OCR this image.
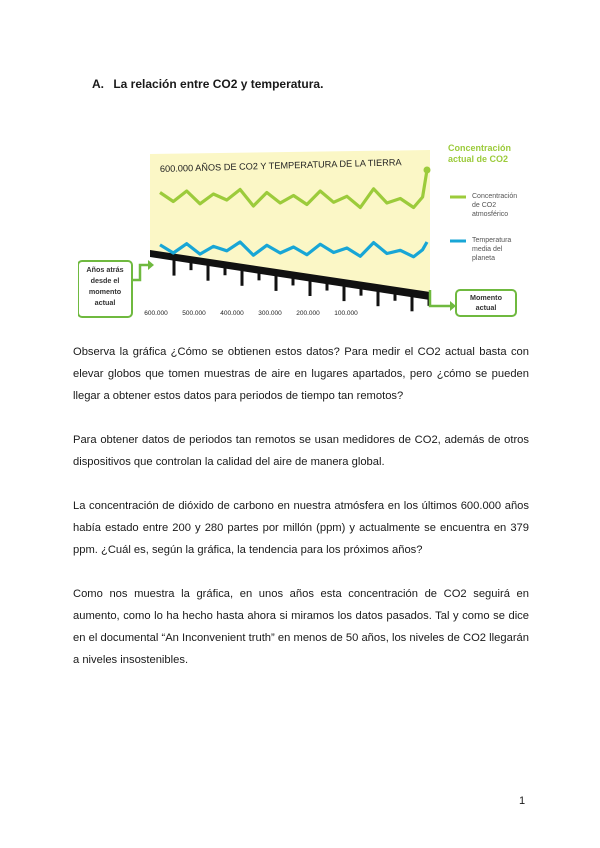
A. La relación entre CO2 y temperatura.
600.000 AÑOS DE CO2 Y TEMPERATURA DE LA TIERRA
Concentración actual de CO2
Concentración de CO2 atmosférico
Temperatura media del planeta
Años atrás desde el momento actual
600.000 500.000 400.000 300.000 200.000 100.000
Momento actual

Observa la gráfica ¿Cómo se obtienen estos datos? Para medir el CO2 actual basta con elevar globos que tomen muestras de aire en lugares apartados, pero ¿cómo se pueden llegar a obtener estos datos para periodos de tiempo tan remotos?

Para obtener datos de periodos tan remotos se usan medidores de CO2, además de otros dispositivos que controlan la calidad del aire de manera global.

La concentración de dióxido de carbono en nuestra atmósfera en los últimos 600.000 años había estado entre 200 y 280 partes por millón (ppm) y actualmente se encuentra en 379 ppm. ¿Cuál es, según la gráfica, la tendencia para los próximos años?

Como nos muestra la gráfica, en unos años esta concentración de CO2 seguirá en aumento, como lo ha hecho hasta ahora si miramos los datos pasados. Tal y como se dice en el documental “An Inconvenient truth” en menos de 50 años, los niveles de CO2 llegarán a niveles insostenibles.

1
